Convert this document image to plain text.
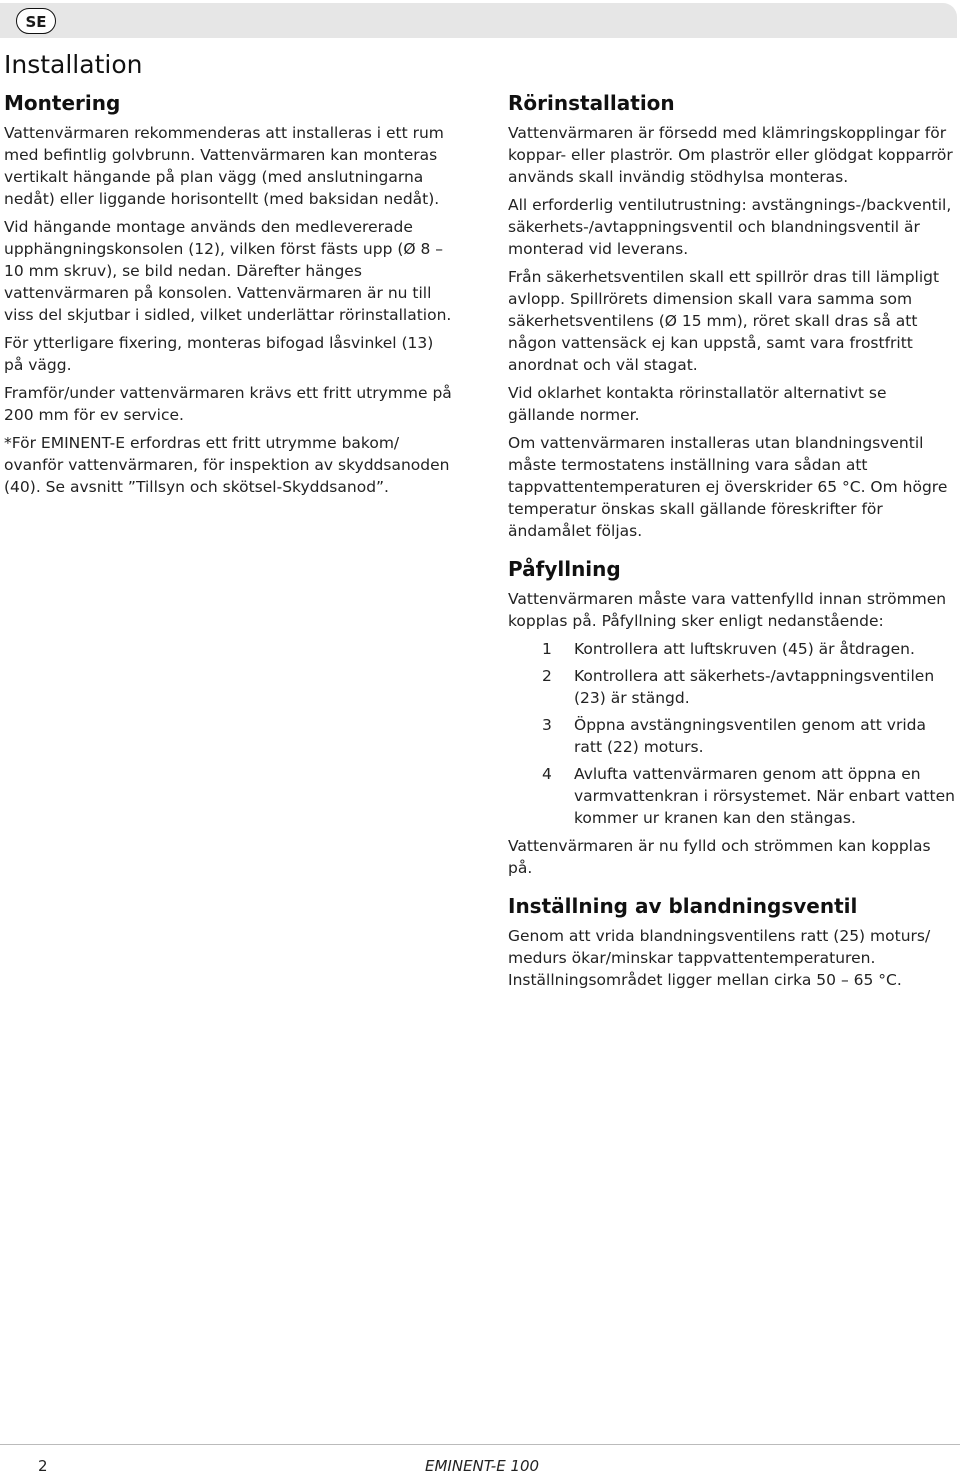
SE
Installation
Montering

Vattenvärmaren rekommenderas att installeras i ett rum med befintlig golvbrunn. Vattenvärmaren kan monteras vertikalt hängande på plan vägg (med anslutningarna nedåt) eller liggande horisontellt (med baksidan nedåt).

Vid hängande montage används den medlevererade upphängningskonsolen (12), vilken först fästs upp (Ø 8 – 10 mm skruv), se bild nedan. Därefter hänges vattenvärmaren på konsolen. Vattenvärmaren är nu till viss del skjutbar i sidled, vilket underlättar rörinstallation.

För ytterligare fixering, monteras bifogad låsvinkel (13) på vägg.

Framför/under vattenvärmaren krävs ett fritt utrymme på 200 mm för ev service.

*För EMINENT-E erfordras ett fritt utrymme bakom/ ovanför vattenvärmaren, för inspektion av skyddsanoden (40). Se avsnitt ”Tillsyn och skötsel-Skyddsanod”.

Rörinstallation

Vattenvärmaren är försedd med klämringskopplingar för koppar- eller plaströr. Om plaströr eller glödgat kopparrör används skall invändig stödhylsa monteras.

All erforderlig ventilutrustning: avstängnings-/backventil, säkerhets-/avtappningsventil och blandningsventil är monterad vid leverans.

Från säkerhetsventilen skall ett spillrör dras till lämpligt avlopp. Spillrörets dimension skall vara samma som säkerhetsventilens (Ø 15 mm), röret skall dras så att någon vattensäck ej kan uppstå, samt vara frostfritt anordnat och väl stagat.

Vid oklarhet kontakta rörinstallatör alternativt se gällande normer.

Om vattenvärmaren installeras utan blandningsventil måste termostatens inställning vara sådan att tappvattentemperaturen ej överskrider 65 °C. Om högre temperatur önskas skall gällande föreskrifter för ändamålet följas.

Påfyllning

Vattenvärmaren måste vara vattenfylld innan strömmen kopplas på. Påfyllning sker enligt nedanstående:

1	Kontrollera att luftskruven (45) är åtdragen.
2	Kontrollera att säkerhets-/avtappningsventilen (23) är stängd.
3	Öppna avstängningsventilen genom att vrida ratt (22) moturs.
4	Avlufta vattenvärmaren genom att öppna en varmvattenkran i rörsystemet. När enbart vatten kommer ur kranen kan den stängas.

Vattenvärmaren är nu fylld och strömmen kan kopplas på.

Inställning av blandningsventil

Genom att vrida blandningsventilens ratt (25) moturs/ medurs ökar/minskar tappvattentemperaturen. Inställningsområdet ligger mellan cirka 50 – 65 °C.

2	EMINENT-E 100
